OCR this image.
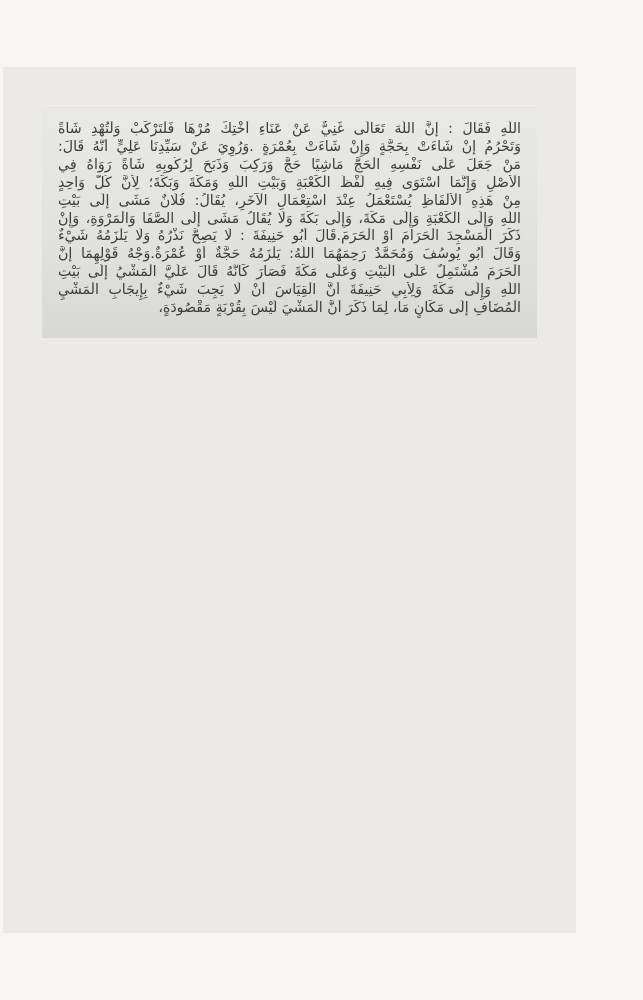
اللَّهِ فَقَالَ : إنَّ اللَّهَ تَعَالَى غَنِيٌّ عَنْ عَنَاءِ أُخْتِكَ مُرْهَا فَلْتَرْكَبْ وَلْتُهْدِ شَاةً
وَتَحْرُمُ إنْ شَاءَتْ بِحَجَّةٍ وَإِنْ شَاءَتْ بِعُمْرَةٍ .وَرُوِيَ عَنْ سَيِّدِنَا عَلِيٍّ أَنَّهُ قَالَ:
مَنْ جَعَلَ عَلَى نَفْسِهِ الْحَجَّ مَاشِيًا حَجَّ وَرَكِبَ وَذَبَحَ لِرُكُوبِهِ شَاةً رَوَاهُ فِي
الْأَصْلِ وَإِنَّمَا اسْتَوَى فِيهِ لَفْظُ الْكَعْبَةِ وَبَيْتِ اللَّهِ وَمَكَّةَ وَبَكَّةَ؛ لِأَنَّ كُلَّ وَاحِدٍ
مِنْ هَذِهِ الْأَلْفَاظِ يُسْتَعْمَلُ عِنْدَ اسْتِعْمَالِ الْآخَرِ، يُقَالُ: فُلَانٌ مَشَى إلَى بَيْتِ
اللَّهِ وَإِلَى الْكَعْبَةِ وَإِلَى مَكَّةَ، وَإِلَى بَكَّةَ وَلَا يُقَالُ مَشَى إلَى الصَّفَا وَالْمَرْوَةِ، وَإِنْ
ذَكَرَ الْمَسْجِدَ الْحَرَامَ أَوْ الْحَرَمَ.قَالَ أَبُو حَنِيفَةَ : لَا يَصِحُّ نَذْرُهُ وَلَا يَلْزَمُهُ شَيْءٌ
وَقَالَ أَبُو يُوسُفَ وَمُحَمَّدٌ رَحِمَهُمَا اللَّهُ: يَلْزَمُهُ حَجَّةٌ أَوْ عُمْرَةٌ.وَجْهُ قَوْلِهِمَا إنَّ
الْحَرَمَ مُشْتَمِلٌ عَلَى الْبَيْتِ وَعَلَى مَكَّةَ فَصَارَ كَأَنَّهُ قَالَ عَلَيَّ الْمَشْيُ إلَى بَيْتِ
اللَّهِ وَإِلَى مَكَّةَ وَلِأَبِي حَنِيفَةَ أَنَّ الْقِيَاسَ أَنْ لَا يَجِبَ شَيْءٌ بِإِيجَابِ الْمَشْيِ
الْمُضَافِ إلَى مَكَانٍ مَا، لِمَا ذَكَرَ أَنَّ الْمَشْيَ لَيْسَ بِقُرْبَةٍ مَقْصُودَةٍ،
